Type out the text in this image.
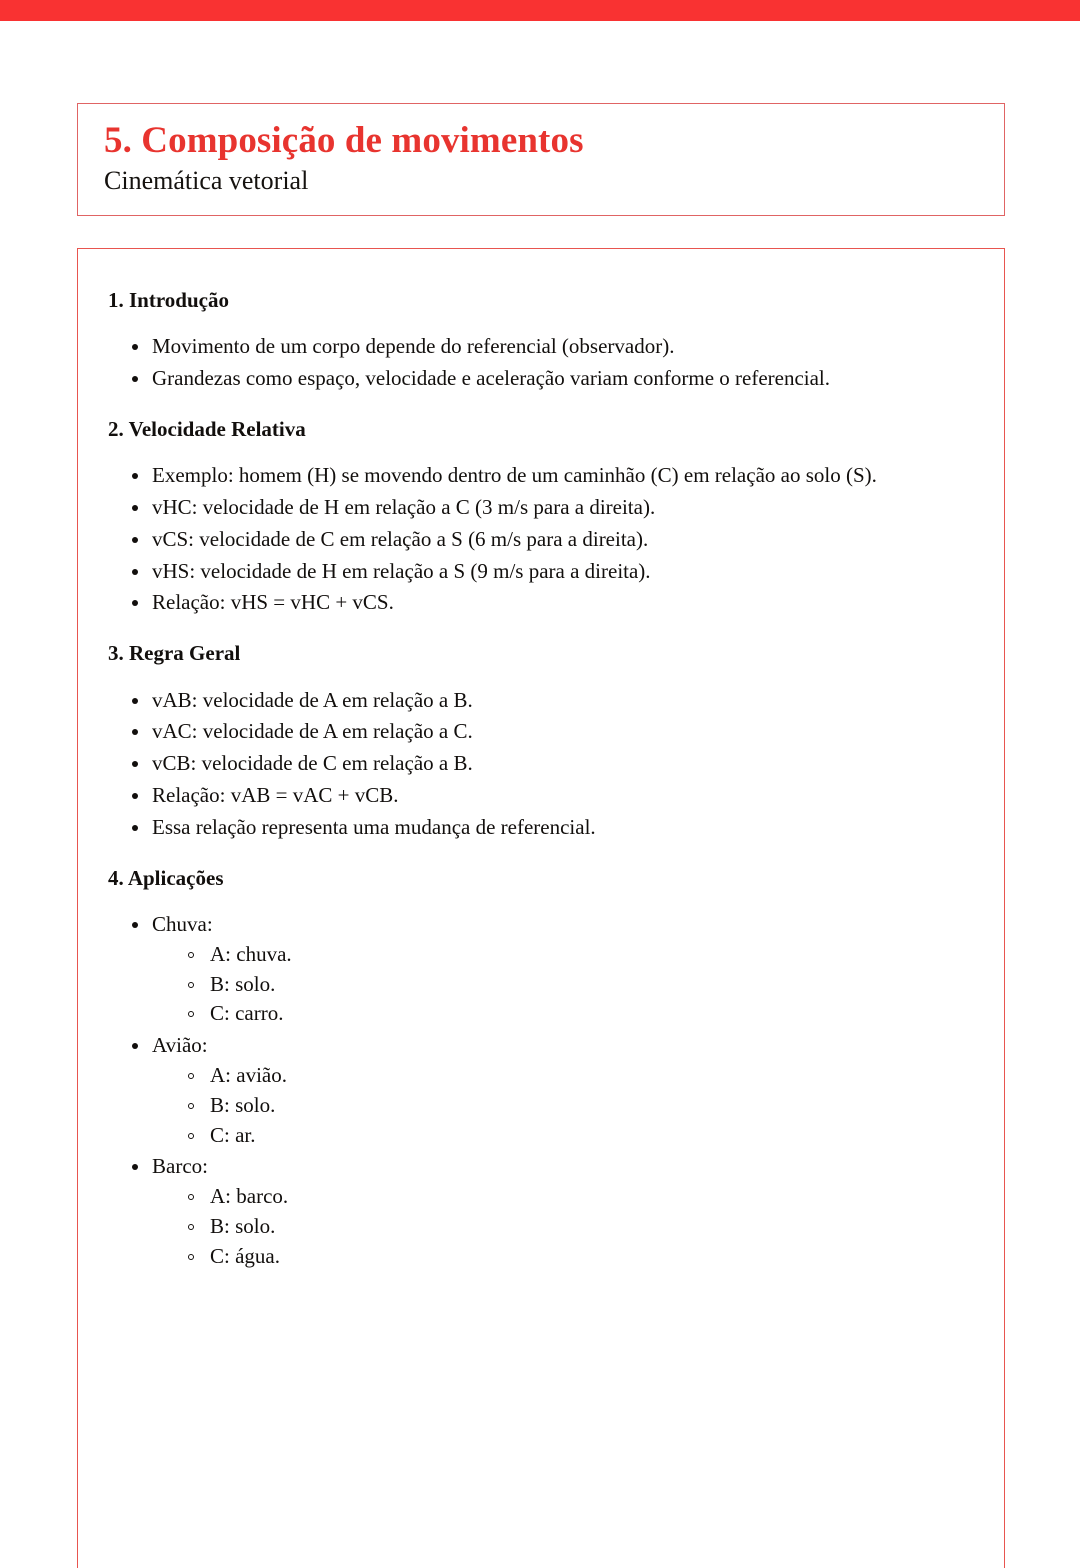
5. Composição de movimentos
Cinemática vetorial
1. Introdução
Movimento de um corpo depende do referencial (observador).
Grandezas como espaço, velocidade e aceleração variam conforme o referencial.
2. Velocidade Relativa
Exemplo: homem (H) se movendo dentro de um caminhão (C) em relação ao solo (S).
vHC: velocidade de H em relação a C (3 m/s para a direita).
vCS: velocidade de C em relação a S (6 m/s para a direita).
vHS: velocidade de H em relação a S (9 m/s para a direita).
Relação: vHS = vHC + vCS.
3. Regra Geral
vAB: velocidade de A em relação a B.
vAC: velocidade de A em relação a C.
vCB: velocidade de C em relação a B.
Relação: vAB = vAC + vCB.
Essa relação representa uma mudança de referencial.
4. Aplicações
Chuva:
A: chuva.
B: solo.
C: carro.
Avião:
A: avião.
B: solo.
C: ar.
Barco:
A: barco.
B: solo.
C: água.
